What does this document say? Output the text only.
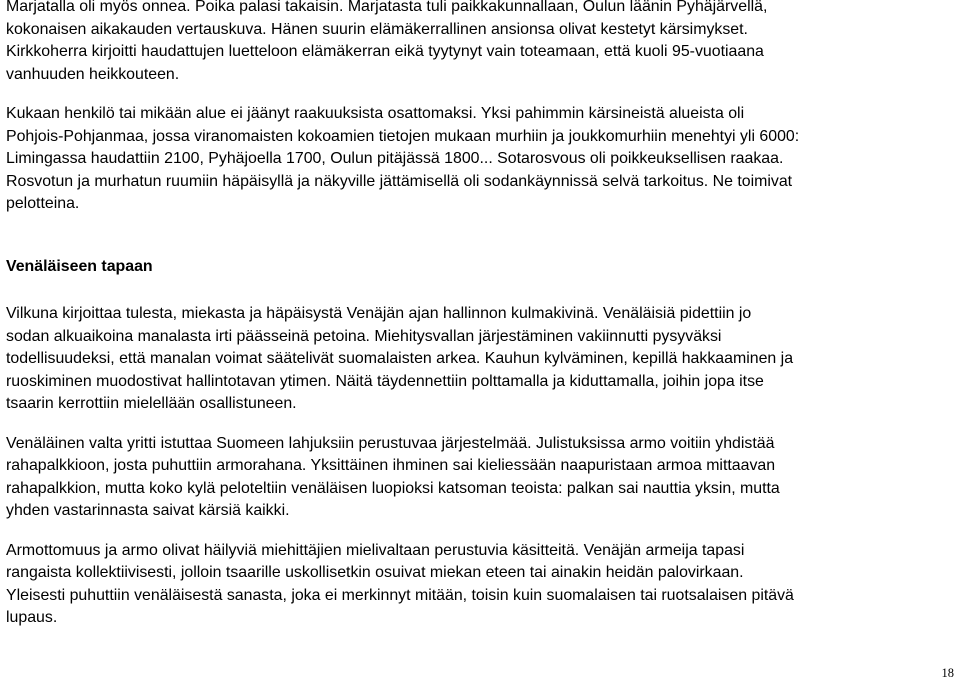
Marjatalla oli myös onnea. Poika palasi takaisin. Marjatasta tuli paikkakunnallaan, Oulun läänin Pyhäjärvellä,
kokonaisen aikakauden vertauskuva. Hänen suurin elämäkerrallinen ansionsa olivat kestetyt kärsimykset.
Kirkkoherra kirjoitti haudattujen luetteloon elämäkerran eikä tyytynyt vain toteamaan, että kuoli 95-vuotiaana
vanhuuden heikkouteen.
Kukaan henkilö tai mikään alue ei jäänyt raakuuksista osattomaksi. Yksi pahimmin kärsineistä alueista oli
Pohjois-Pohjanmaa, jossa viranomaisten kokoamien tietojen mukaan murhiin ja joukkomurhiin menehtyi yli 6000:
Limingassa haudattiin 2100, Pyhäjoella 1700, Oulun pitäjässä 1800... Sotarosvous oli poikkeuksellisen raakaa.
Rosvotun ja murhatun ruumiin häpäisyllä ja näkyville jättämisellä oli sodankäynnissä selvä tarkoitus. Ne toimivat
pelotteina.
Venäläiseen tapaan
Vilkuna kirjoittaa tulesta, miekasta ja häpäisystä Venäjän ajan hallinnon kulmakivinä. Venäläisiä pidettiin jo
sodan alkuaikoina manalasta irti päässeinä petoina. Miehitysvallan järjestäminen vakiinnutti pysyväksi
todellisuudeksi, että manalan voimat säätelivät suomalaisten arkea. Kauhun kylväminen, kepillä hakkaaminen ja
ruoskiminen muodostivat hallintotavan ytimen. Näitä täydennettiin polttamalla ja kiduttamalla, joihin jopa itse
tsaarin kerrottiin mielellään osallistuneen.
Venäläinen valta yritti istuttaa Suomeen lahjuksiin perustuvaa järjestelmää. Julistuksissa armo voitiin yhdistää
rahapalkkioon, josta puhuttiin armorahana. Yksittäinen ihminen sai kieliessään naapuristaan armoa mittaavan
rahapalkkion, mutta koko kylä peloteltiin venäläisen luopioksi katsoman teoista: palkan sai nauttia yksin, mutta
yhden vastarinnasta saivat kärsiä kaikki.
Armottomuus ja armo olivat häilyviä miehittäjien mielivaltaan perustuvia käsitteitä. Venäjän armeija tapasi
rangaista kollektiivisesti, jolloin tsaarille uskollisetkin osuivat miekan eteen tai ainakin heidän palovirkaan.
Yleisesti puhuttiin venäläisestä sanasta, joka ei merkinnyt mitään, toisin kuin suomalaisen tai ruotsalaisen pitävä
lupaus.
18
